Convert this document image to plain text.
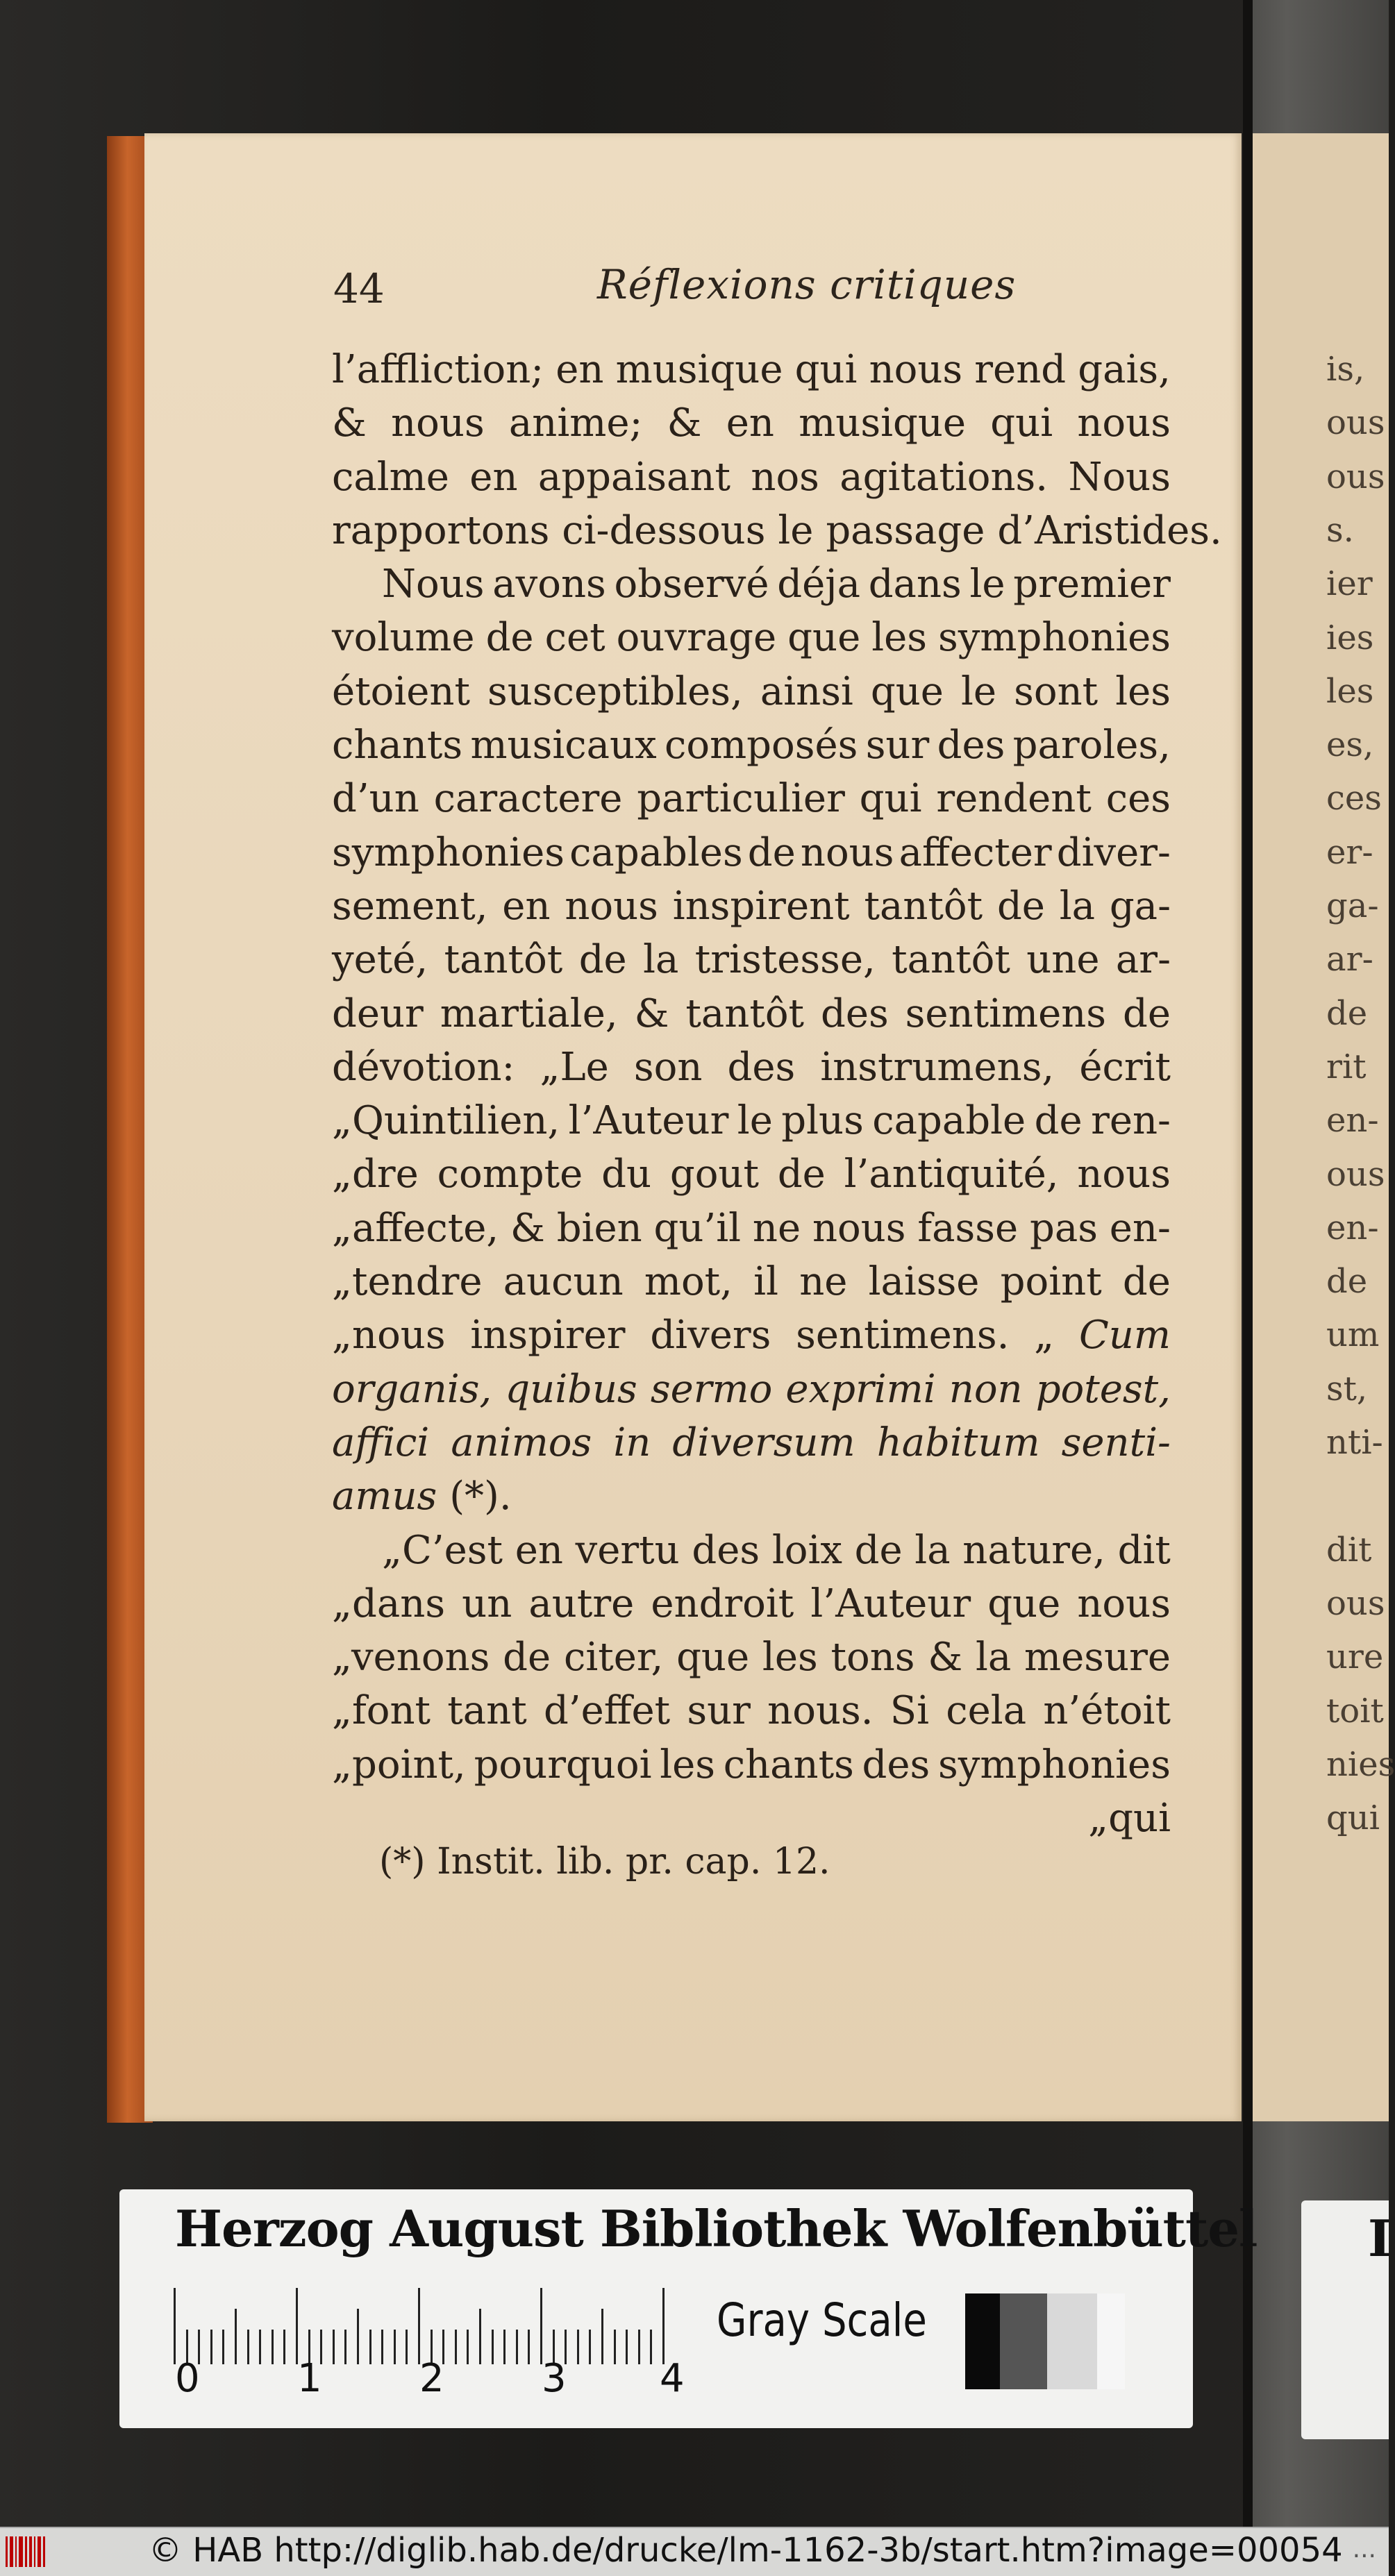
is,
ous
ous
s.
ier
ies
les
es,
ces
er-
ga-
ar-
de
rit
en-
ous
en-
de
um
st,
nti-
dit
ous
ure
toit
nies
qui
44	Réflexions critiques
l’affliction; en musique qui nous rend gais,
& nous anime; & en musique qui nous
calme en appaisant nos agitations. Nous
rapportons ci-dessous le passage d’Aristides.
Nous avons observé déja dans le premier
volume de cet ouvrage que les symphonies
étoient susceptibles, ainsi que le sont les
chants musicaux composés sur des paroles,
d’un caractere particulier qui rendent ces
symphonies capables de nous affecter diver-
sement, en nous inspirent tantôt de la ga-
yeté, tantôt de la tristesse, tantôt une ar-
deur martiale, & tantôt des sentimens de
dévotion: „Le son des instrumens, écrit
„Quintilien, l’Auteur le plus capable de ren-
„dre compte du gout de l’antiquité, nous
„affecte, & bien qu’il ne nous fasse pas en-
„tendre aucun mot, il ne laisse point de
„nous inspirer divers sentimens. „ Cum
organis, quibus sermo exprimi non potest,
affici animos in diversum habitum senti-
amus (*).
„C’est en vertu des loix de la nature, dit
„dans un autre endroit l’Auteur que nous
„venons de citer, que les tons & la mesure
„font tant d’effet sur nous. Si cela n’étoit
„point, pourquoi les chants des symphonies
„qui
(*) Instit. lib. pr. cap. 12.
Herzog August Bibliothek Wolfenbüttel
0	1	2	3 4
Gray Scale
I
© HAB http://diglib.hab.de/drucke/lm-1162-3b/start.htm?image=00054 ...
